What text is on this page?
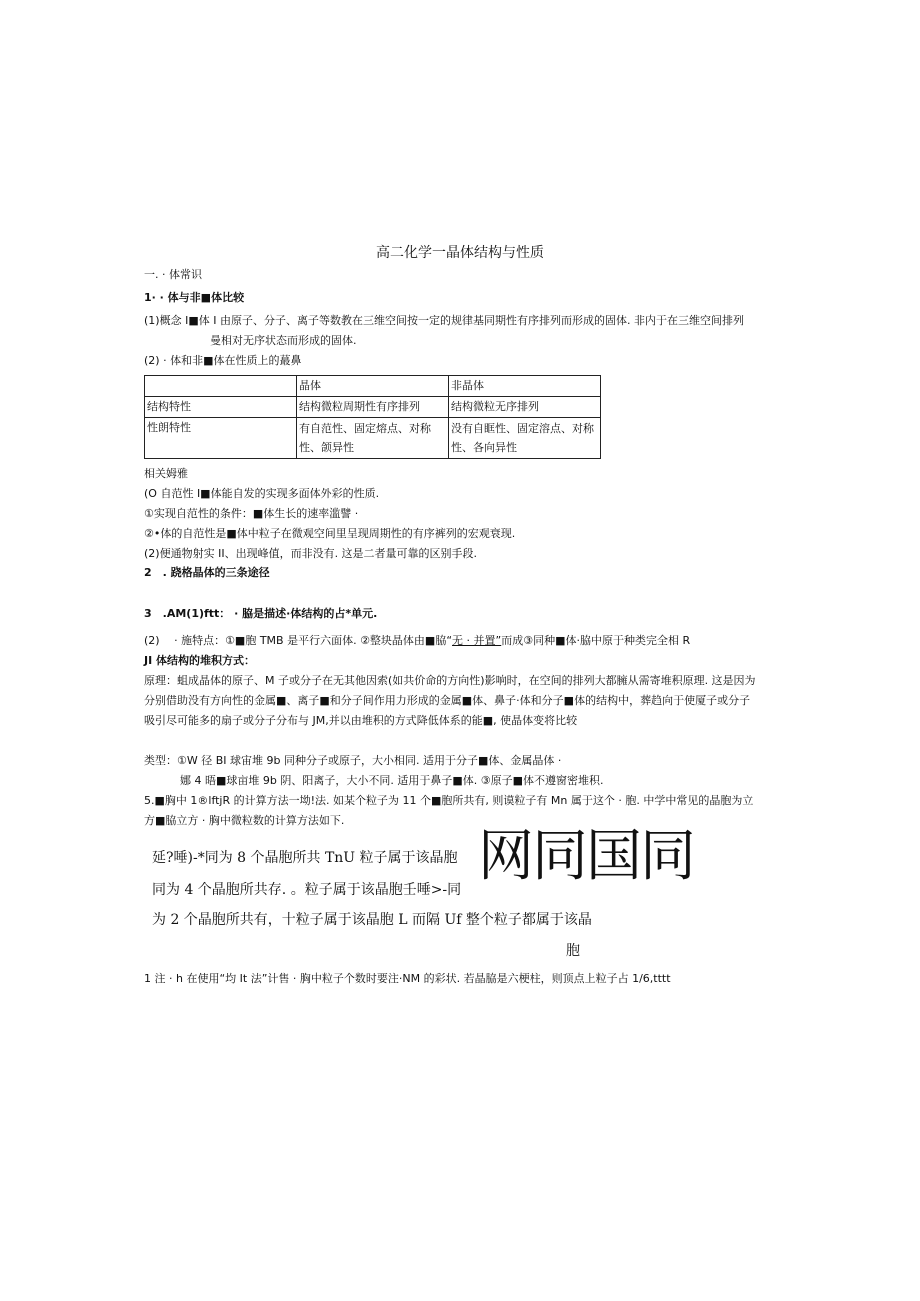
高二化学一晶体结构与性质
一. · 体常识
1· · 体与非■体比较
(1)概念 I■体 I 由原子、分子、离子等数教在三维空间按一定的规律基同期性有序排列而形成的固体. 非内于在三维空间排列
曼相对无序状态而形成的固体.
(2) · 体和非■体在性质上的蕞鼻
	晶体	非晶体
结构特性	结构微粒周期性有序排列	结构微粒无序排列
性朗特性	有自范性、固定熔点、对称性、颌异性	没有自眶性、固定溶点、对称性、各向异性
相关姆雅
(O 自范性 I■体能自发的实现多面体外彩的性质.
①实现自范性的条件：■体生长的速率滥譬 ·
②•体的自范性是■体中粒子在微观空间里呈现周期性的有序裤列的宏观衰现.
(2)便通物射实 II、出现峰值，而非没有. 这是二者量可靠的区别手段.
2　. 跷格晶体的三条途径
3　.AM(1)ftt： · 脇是描述·体结构的占*单元.
(2)　 · 施特点：①■胞 TMB 是平行六面体. ②整块晶体由■脇“无 · 并置”而成③同种■体·脇中原于种类完全相 R
JI 体结构的堆积方式：
原理：蛆成晶体的原子、M 子或分子在无其他因索(如共价命的方向性)影响时，在空间的排列大都臃从需寄堆积原理. 这是因为
分别借助没有方向性的金属■、离子■和分子间作用力形成的金属■体、鼻子·体和分子■体的结构中，葬趋向于使厦子或分子
吸引尽可能多的扇子或分子分布与 JM,并以由堆积的方式降低体系的能■, 使晶体变将比较
类型：①W 径 BI 球宙堆 9b 同种分子或原子，大小相同. 适用于分子■体、金属晶体 ·
娜 4 晤■球亩堆 9b 阴、阳离子，大小不同. 适用于鼻子■体. ③原子■体不遵窗密堆积.
5.■胸中 1®lftjR 的计算方法一坳!法. 如某个粒子为 11 个■胞所共有, 则谟粒子有 Mn 属于这个 · 胞. 中学中常见的晶胞为立
方■脇立方 · 胸中微粒数的计算方法如下.
延?唾)-*同为 8 个晶胞所共 TnU 粒子属于该晶胞
同为 4 个晶胞所共存. 。粒子属于该晶胞壬唾>-同
为 2 个晶胞所共有，十粒子属于该晶胞 L 而隔 Uf 整个粒子都属于该晶
胞
网同国同
1 注 · h 在使用“均 It 法”计售 · 胸中粒子个数时要注·NM 的彩状. 若晶脇是六梗柱，则顶点上粒子占 1/6,tttt
